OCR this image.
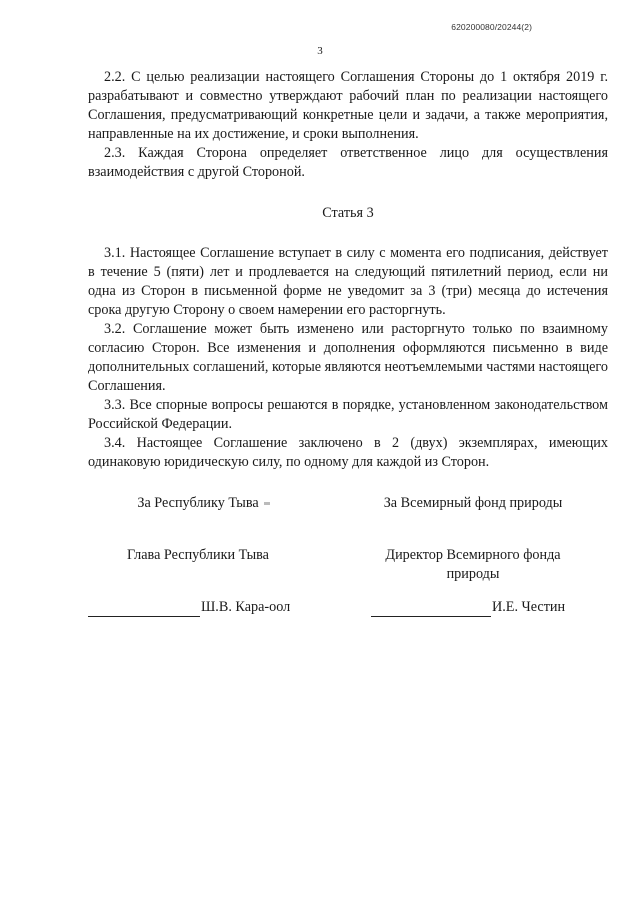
620200080/20244(2)
3

2.2. С целью реализации настоящего Соглашения Стороны до 1 октября 2019 г. разрабатывают и совместно утверждают рабочий план по реализации настоящего Соглашения, предусматривающий конкретные цели и задачи, а также мероприятия, направленные на их достижение, и сроки выполнения.

2.3. Каждая Сторона определяет ответственное лицо для осуществления взаимодействия с другой Стороной.

Статья 3

3.1. Настоящее Соглашение вступает в силу с момента его подписания, действует в течение 5 (пяти) лет и продлевается на следующий пятилетний период, если ни одна из Сторон в письменной форме не уведомит за 3 (три) месяца до истечения срока другую Сторону о своем намерении его расторгнуть.

3.2. Соглашение может быть изменено или расторгнуто только по взаимному согласию Сторон. Все изменения и дополнения оформляются письменно в виде дополнительных соглашений, которые являются неотъемлемыми частями настоящего Соглашения.

3.3. Все спорные вопросы решаются в порядке, установленном законодательством Российской Федерации.

3.4. Настоящее Соглашение заключено в 2 (двух) экземплярах, имеющих одинаковую юридическую силу, по одному для каждой из Сторон.

За Республику Тыва	За Всемирный фонд природы
Глава Республики Тыва	Директор Всемирного фонда
природы
Ш.В. Кара-оол	И.Е. Честин
